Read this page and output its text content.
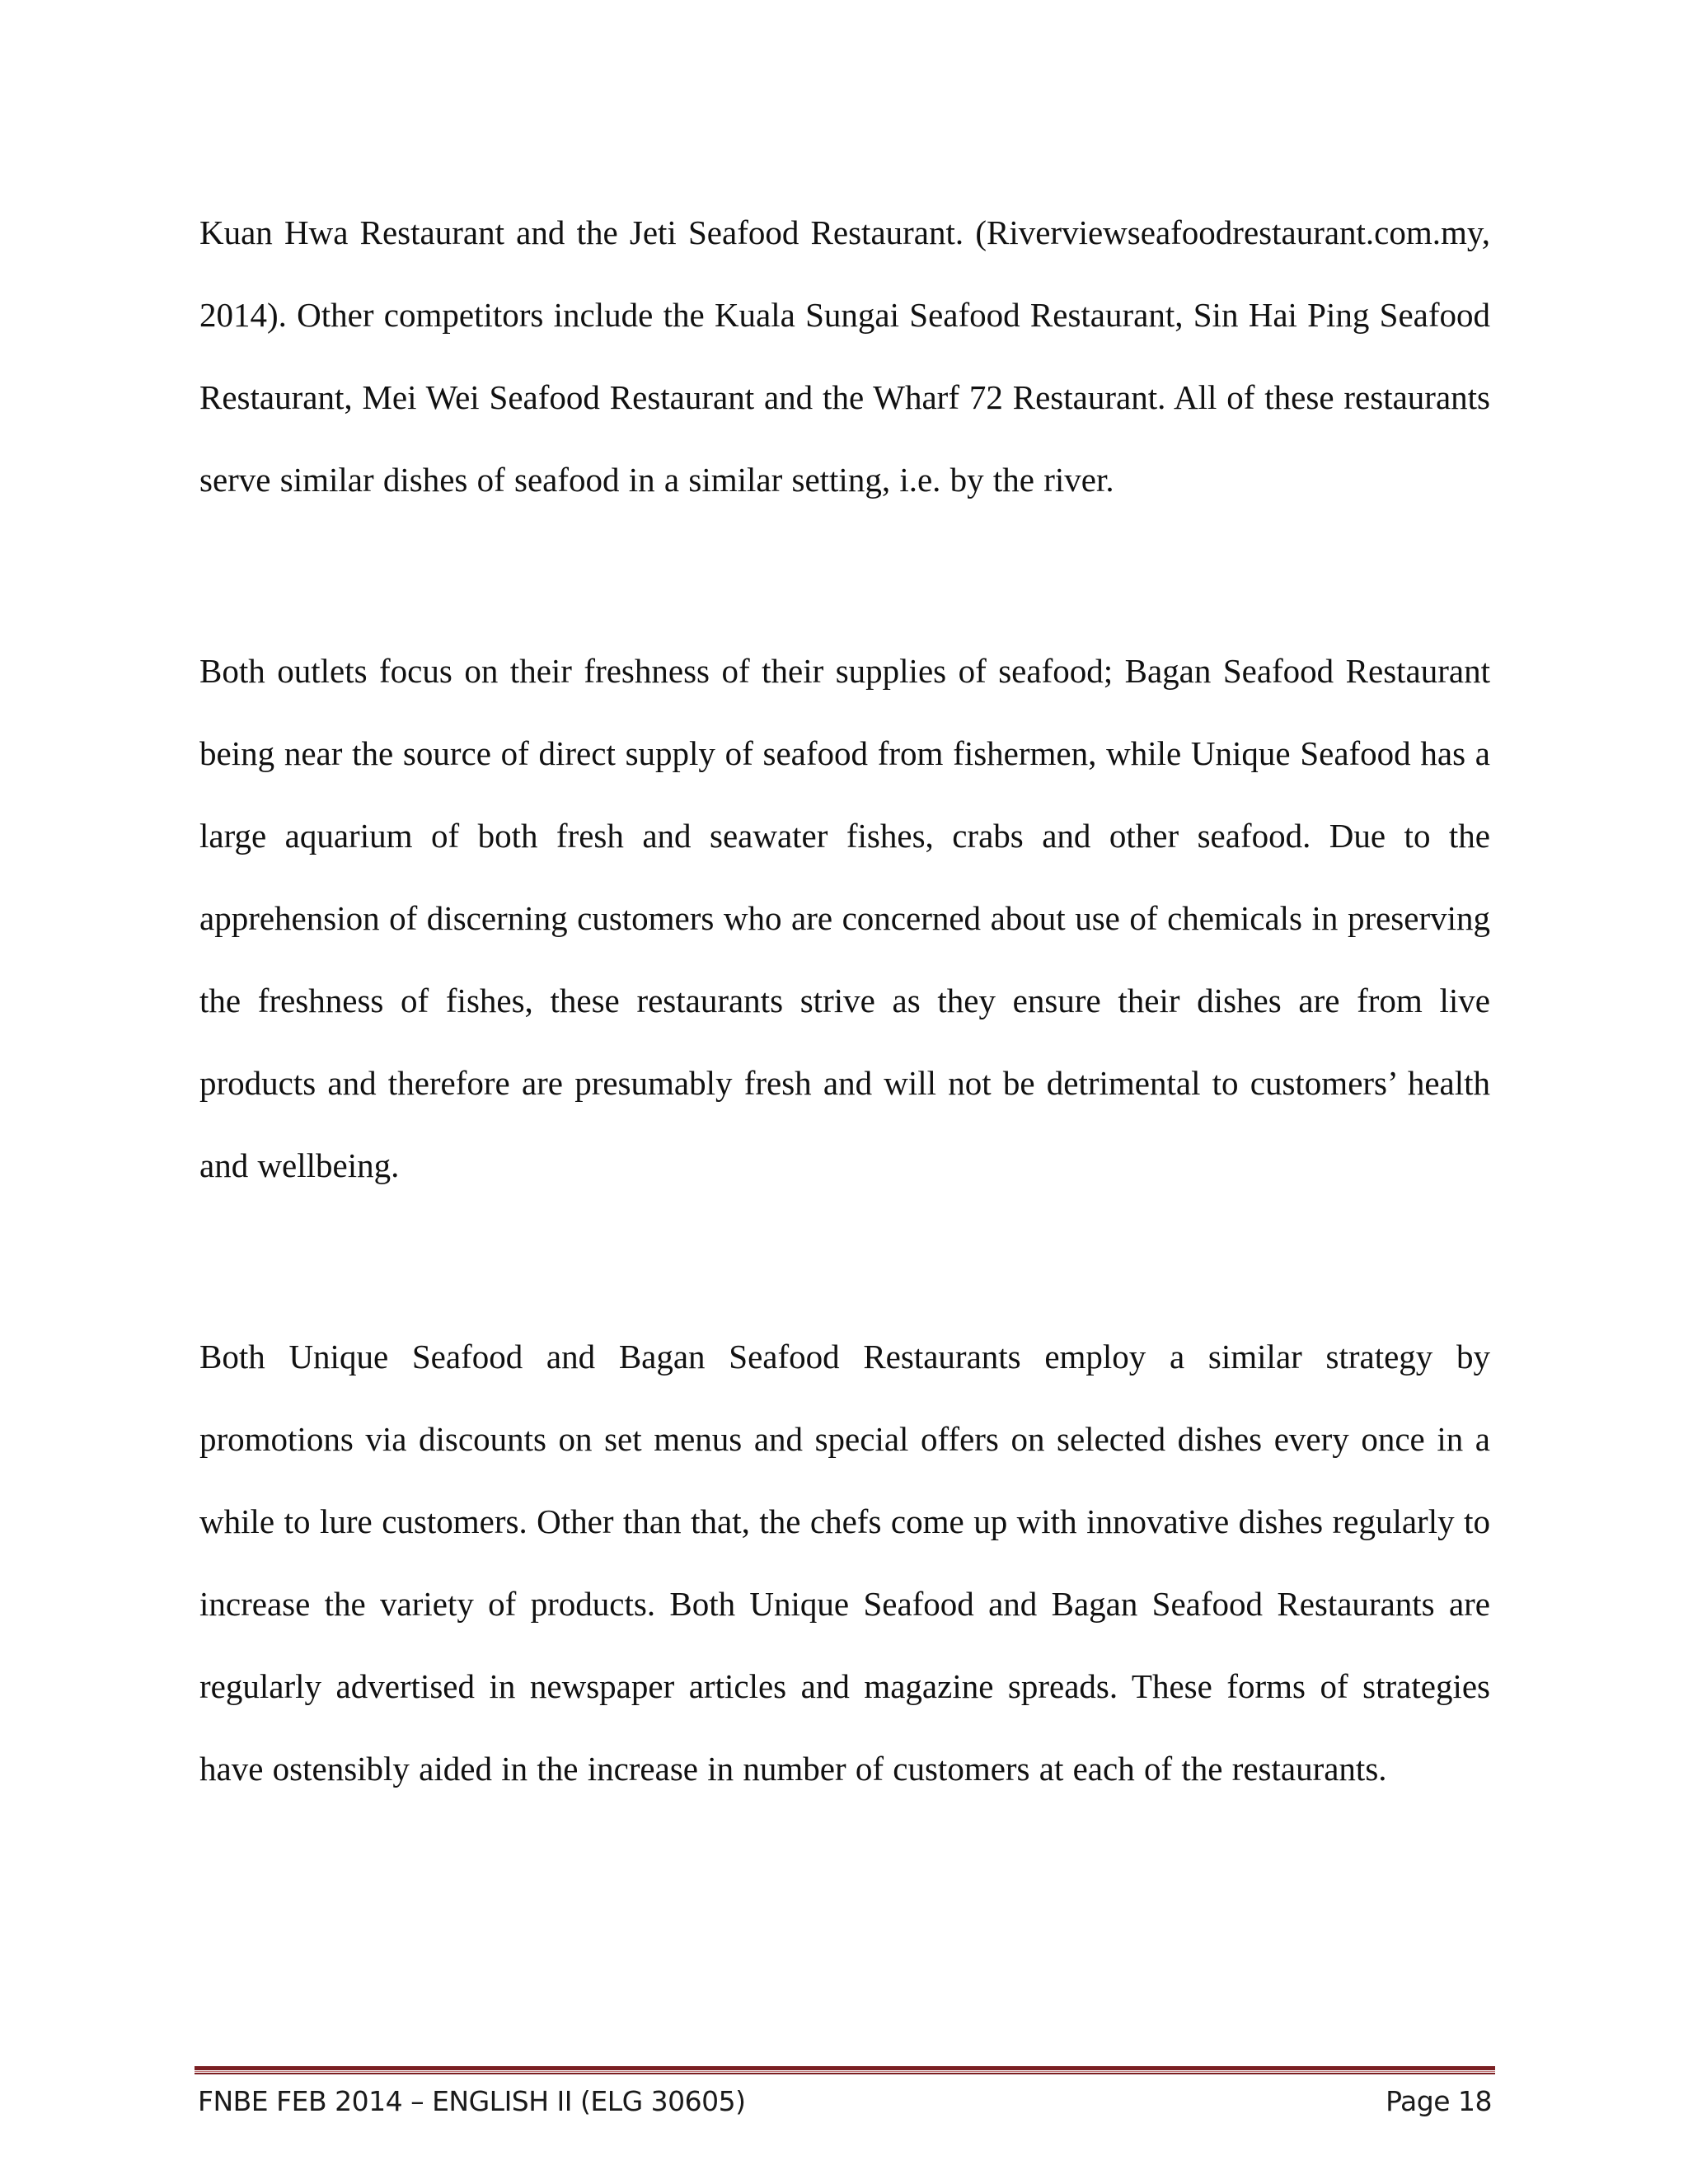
Kuan Hwa Restaurant and the Jeti Seafood Restaurant. (Riverviewseafoodrestaurant.com.my, 2014). Other competitors include the Kuala Sungai Seafood Restaurant, Sin Hai Ping Seafood Restaurant, Mei Wei Seafood Restaurant and the Wharf 72 Restaurant. All of these restaurants serve similar dishes of seafood in a similar setting, i.e. by the river.

Both outlets focus on their freshness of their supplies of seafood; Bagan Seafood Restaurant being near the source of direct supply of seafood from fishermen, while Unique Seafood has a large aquarium of both fresh and seawater fishes, crabs and other seafood. Due to the apprehension of discerning customers who are concerned about use of chemicals in preserving the freshness of fishes, these restaurants strive as they ensure their dishes are from live products and therefore are presumably fresh and will not be detrimental to customers’ health and wellbeing.

Both Unique Seafood and Bagan Seafood Restaurants employ a similar strategy by promotions via discounts on set menus and special offers on selected dishes every once in a while to lure customers. Other than that, the chefs come up with innovative dishes regularly to increase the variety of products. Both Unique Seafood and Bagan Seafood Restaurants are regularly advertised in newspaper articles and magazine spreads. These forms of strategies have ostensibly aided in the increase in number of customers at each of the restaurants.

FNBE FEB 2014 – ENGLISH II (ELG 30605)	Page 18
